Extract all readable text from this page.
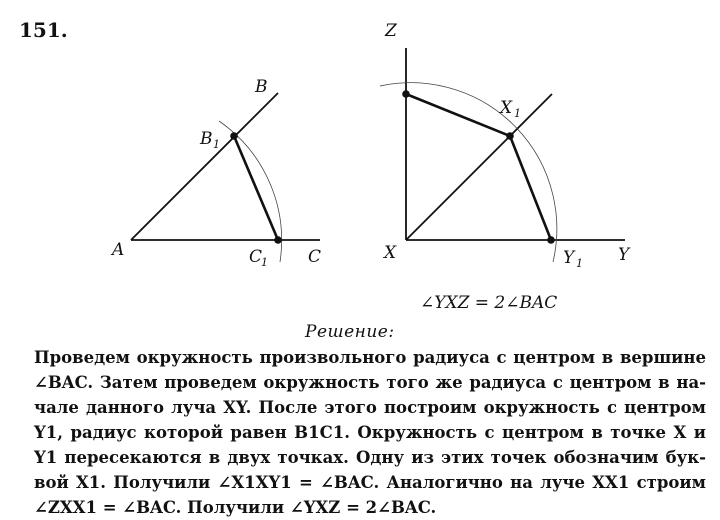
151.
A
B
C
B 1
C
1
Z
X	Y
X 1
Y 1
∠YXZ = 2∠BAC
Решение:
Проведем окружность произвольного радиуса с центром в вершине
∠BAC. Затем проведем окружность того же радиуса с центром в на-
чале данного луча XY. После этого построим окружность с центром
Y1, радиус которой равен B1C1. Окружность с центром в точке X и
Y1 пересекаются в двух точках. Одну из этих точек обозначим бук-
вой X1. Получили ∠X1XY1 = ∠BAC. Аналогично на луче XX1 строим
∠ZXX1 = ∠BAC. Получили ∠YXZ = 2∠BAC.
